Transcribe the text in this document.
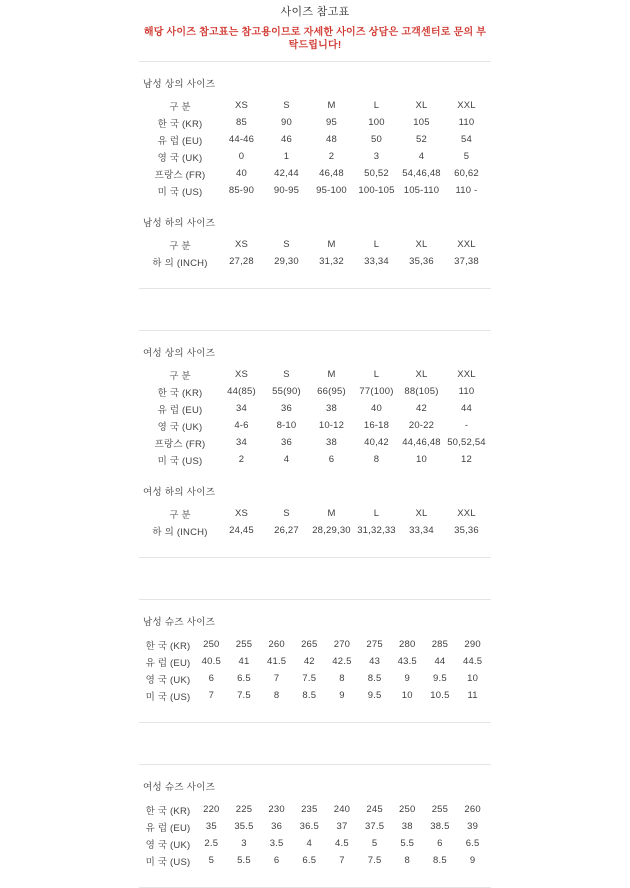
사이즈 참고표
해당 사이즈 참고표는 참고용이므로 자세한 사이즈 상담은 고객센터로 문의 부탁드립니다!
남성 상의 사이즈
구 분	XS	S	M	L	XL	XXL
한 국 (KR)	85	90	95	100	105	110
유 럽 (EU)	44-46	46	48	50	52	54
영 국 (UK)	0	1	2	3	4	5
프랑스 (FR)	40	42,44	46,48	50,52	54,46,48	60,62
미 국 (US)	85-90	90-95	95-100	100-105	105-110	110 -
남성 하의 사이즈
구 분	XS	S	M	L	XL	XXL
하 의 (INCH)	27,28	29,30	31,32	33,34	35,36	37,38
여성 상의 사이즈
구 분	XS	S	M	L	XL	XXL
한 국 (KR)	44(85)	55(90)	66(95)	77(100)	88(105)	110
유 럽 (EU)	34	36	38	40	42	44
영 국 (UK)	4-6	8-10	10-12	16-18	20-22	-
프랑스 (FR)	34	36	38	40,42	44,46,48	50,52,54
미 국 (US)	2	4	6	8	10	12
여성 하의 사이즈
구 분	XS	S	M	L	XL	XXL
하 의 (INCH)	24,45	26,27	28,29,30	31,32,33	33,34	35,36
남성 슈즈 사이즈
한 국 (KR)	250	255	260	265	270	275	280	285	290
유 럽 (EU)	40.5	41	41.5	42	42.5	43	43.5	44	44.5
영 국 (UK)	6	6.5	7	7.5	8	8.5	9	9.5	10
미 국 (US)	7	7.5	8	8.5	9	9.5	10	10.5	11
여성 슈즈 사이즈
한 국 (KR)	220	225	230	235	240	245	250	255	260
유 럽 (EU)	35	35.5	36	36.5	37	37.5	38	38.5	39
영 국 (UK)	2.5	3	3.5	4	4.5	5	5.5	6	6.5
미 국 (US)	5	5.5	6	6.5	7	7.5	8	8.5	9
